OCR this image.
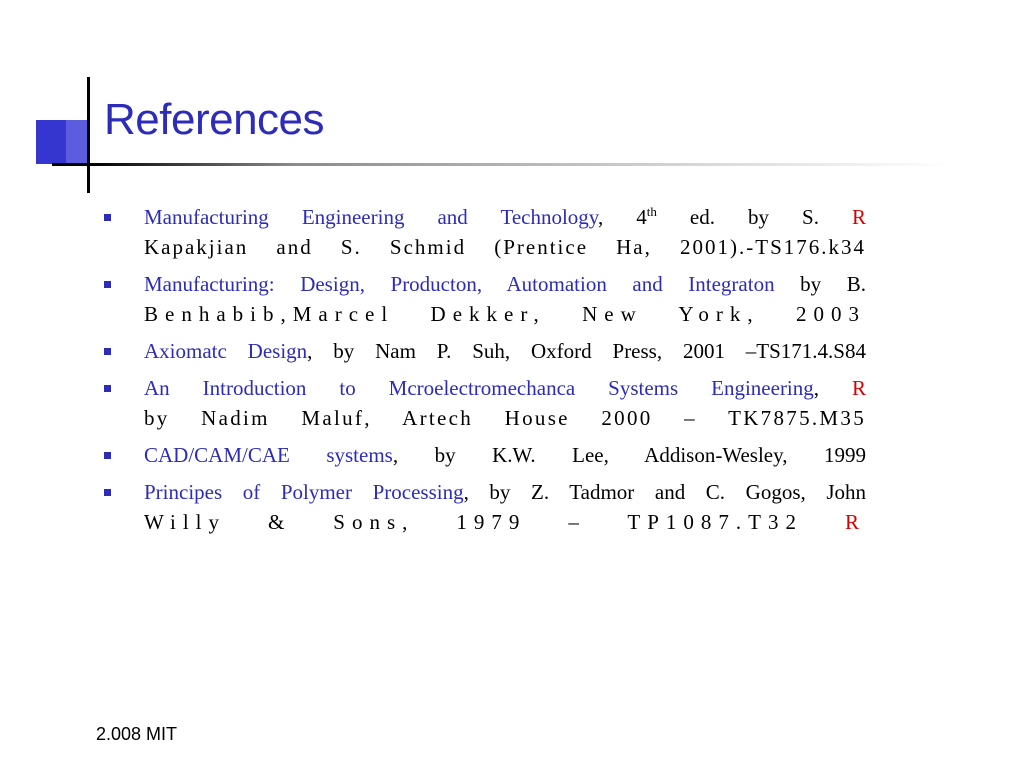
References
Manufacturing Engineering and Technology, 4th ed. by S. R
Kapakjian and S. Schmid (Prentice Ha, 2001).-TS176.k34
Manufacturing: Design, Producton, Automation and Integraton by B.
Benhabib,Marcel Dekker, New York, 2003
Axiomatc Design, by Nam P. Suh, Oxford Press, 2001 –TS171.4.S84
An Introduction to Mcroelectromechanca Systems Engineering, R
by Nadim Maluf, Artech House 2000 – TK7875.M35
CAD/CAM/CAE systems, by K.W. Lee, Addison-Wesley, 1999
Principes of Polymer Processing, by Z. Tadmor and C. Gogos, John
Willy & Sons, 1979 – TP1087.T32 R

2.008 MIT
